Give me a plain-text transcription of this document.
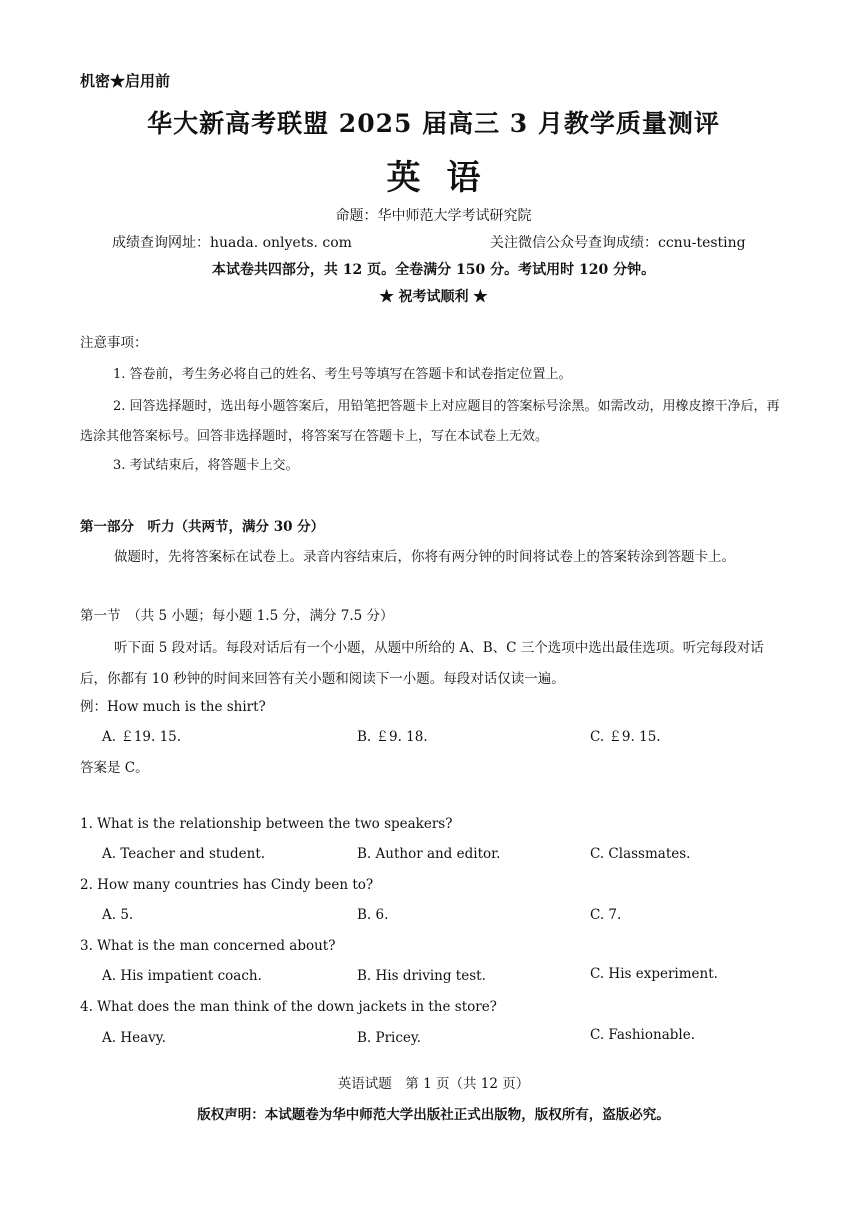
机密★启用前
华大新高考联盟 2025 届高三 3 月教学质量测评
英语
命题：华中师范大学考试研究院
成绩查询网址：huada. onlyets. com	关注微信公众号查询成绩：ccnu-testing
本试卷共四部分，共 12 页。全卷满分 150 分。考试用时 120 分钟。
★ 祝考试顺利 ★
注意事项：
1. 答卷前，考生务必将自己的姓名、考生号等填写在答题卡和试卷指定位置上。
2. 回答选择题时，选出每小题答案后，用铅笔把答题卡上对应题目的答案标号涂黑。如需改动，用橡皮擦干净后，再选涂其他答案标号。回答非选择题时，将答案写在答题卡上，写在本试卷上无效。
3. 考试结束后，将答题卡上交。
第一部分　听力（共两节，满分 30 分）
做题时，先将答案标在试卷上。录音内容结束后，你将有两分钟的时间将试卷上的答案转涂到答题卡上。
第一节　（共 5 小题；每小题 1.5 分，满分 7.5 分）
听下面 5 段对话。每段对话后有一个小题，从题中所给的 A、B、C 三个选项中选出最佳选项。听完每段对话后，你都有 10 秒钟的时间来回答有关小题和阅读下一小题。每段对话仅读一遍。
例：How much is the shirt?
A. ￡19. 15.	B. ￡9. 18.	C. ￡9. 15.
答案是 C。
1. What is the relationship between the two speakers?
A. Teacher and student.	B. Author and editor.	C. Classmates.
2. How many countries has Cindy been to?
A. 5.	B. 6.	C. 7.
3. What is the man concerned about?
A. His impatient coach.	B. His driving test.	C. His experiment.
4. What does the man think of the down jackets in the store?
A. Heavy.	B. Pricey.	C. Fashionable.
英语试题　第 1 页（共 12 页）
版权声明：本试题卷为华中师范大学出版社正式出版物，版权所有，盗版必究。
